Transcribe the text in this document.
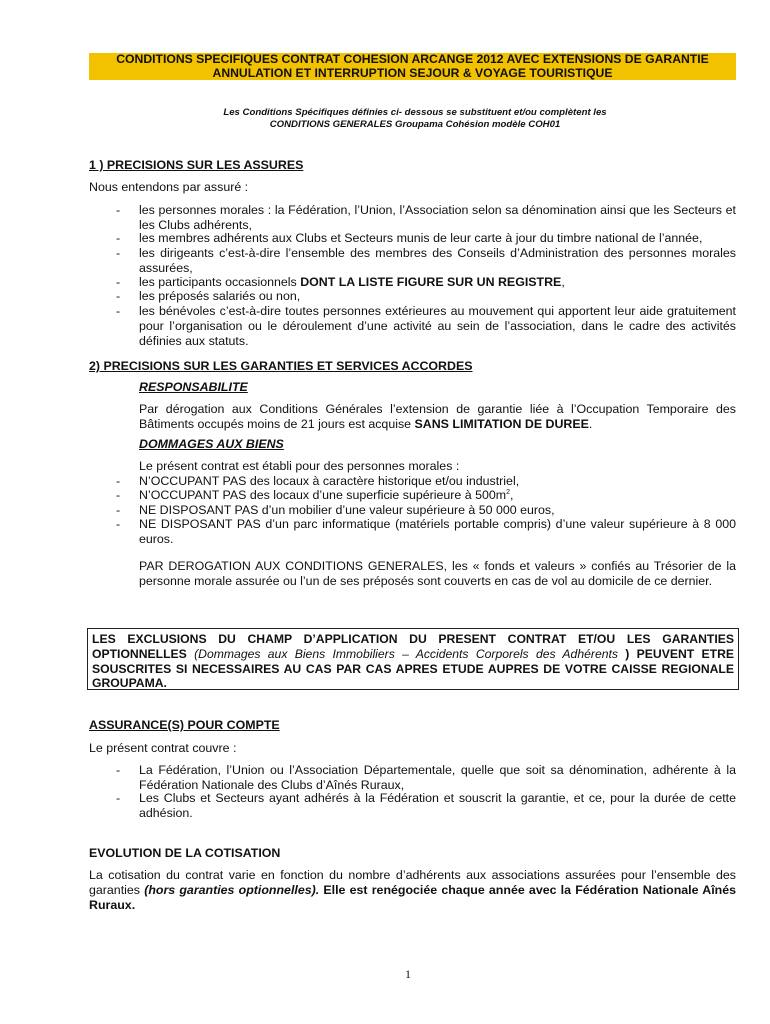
CONDITIONS SPECIFIQUES CONTRAT COHESION ARCANGE 2012 AVEC EXTENSIONS DE GARANTIE
ANNULATION ET INTERRUPTION SEJOUR & VOYAGE TOURISTIQUE
Les Conditions Spécifiques définies ci- dessous se substituent et/ou complètent les
CONDITIONS GENERALES Groupama Cohésion modèle COH01
1 ) PRECISIONS SUR LES ASSURES
Nous entendons par assuré :
- les personnes morales : la Fédération, l’Union, l’Association selon sa dénomination ainsi que les Secteurs et les Clubs adhérents,
- les membres adhérents aux Clubs et Secteurs munis de leur carte à jour du timbre national de l’année,
- les dirigeants c’est-à-dire l’ensemble des membres des Conseils d’Administration des personnes morales assurées,
- les participants occasionnels DONT LA LISTE FIGURE SUR UN REGISTRE,
- les préposés salariés ou non,
- les bénévoles c’est-à-dire toutes personnes extérieures au mouvement qui apportent leur aide gratuitement pour l’organisation ou le déroulement d’une activité au sein de l’association, dans le cadre des activités définies aux statuts.
2) PRECISIONS SUR LES GARANTIES ET SERVICES ACCORDES
RESPONSABILITE
Par dérogation aux Conditions Générales l’extension de garantie liée à l’Occupation Temporaire des Bâtiments occupés moins de 21 jours est acquise SANS LIMITATION DE DUREE.
DOMMAGES AUX BIENS
Le présent contrat est établi pour des personnes morales :
- N’OCCUPANT PAS des locaux à caractère historique et/ou industriel,
- N’OCCUPANT PAS des locaux d’une superficie supérieure à $500m^2$,
- NE DISPOSANT PAS d’un mobilier d’une valeur supérieure à 50 000 euros,
- NE DISPOSANT PAS d’un parc informatique (matériels portable compris) d’une valeur supérieure à 8 000 euros.
PAR DEROGATION AUX CONDITIONS GENERALES, les « fonds et valeurs » confiés au Trésorier de la personne morale assurée ou l’un de ses préposés sont couverts en cas de vol au domicile de ce dernier.
LES EXCLUSIONS DU CHAMP D’APPLICATION DU PRESENT CONTRAT ET/OU LES GARANTIES OPTIONNELLES (Dommages aux Biens Immobiliers – Accidents Corporels des Adhérents ) PEUVENT ETRE SOUSCRITES SI NECESSAIRES AU CAS PAR CAS APRES ETUDE AUPRES DE VOTRE CAISSE REGIONALE GROUPAMA.
ASSURANCE(S) POUR COMPTE
Le présent contrat couvre :
- La Fédération, l’Union ou l’Association Départementale, quelle que soit sa dénomination, adhérente à la Fédération Nationale des Clubs d’Aînés Ruraux,
- Les Clubs et Secteurs ayant adhérés à la Fédération et souscrit la garantie, et ce, pour la durée de cette adhésion.
EVOLUTION DE LA COTISATION
La cotisation du contrat varie en fonction du nombre d’adhérents aux associations assurées pour l’ensemble des garanties (hors garanties optionnelles). Elle est renégociée chaque année avec la Fédération Nationale Aînés Ruraux.
1
